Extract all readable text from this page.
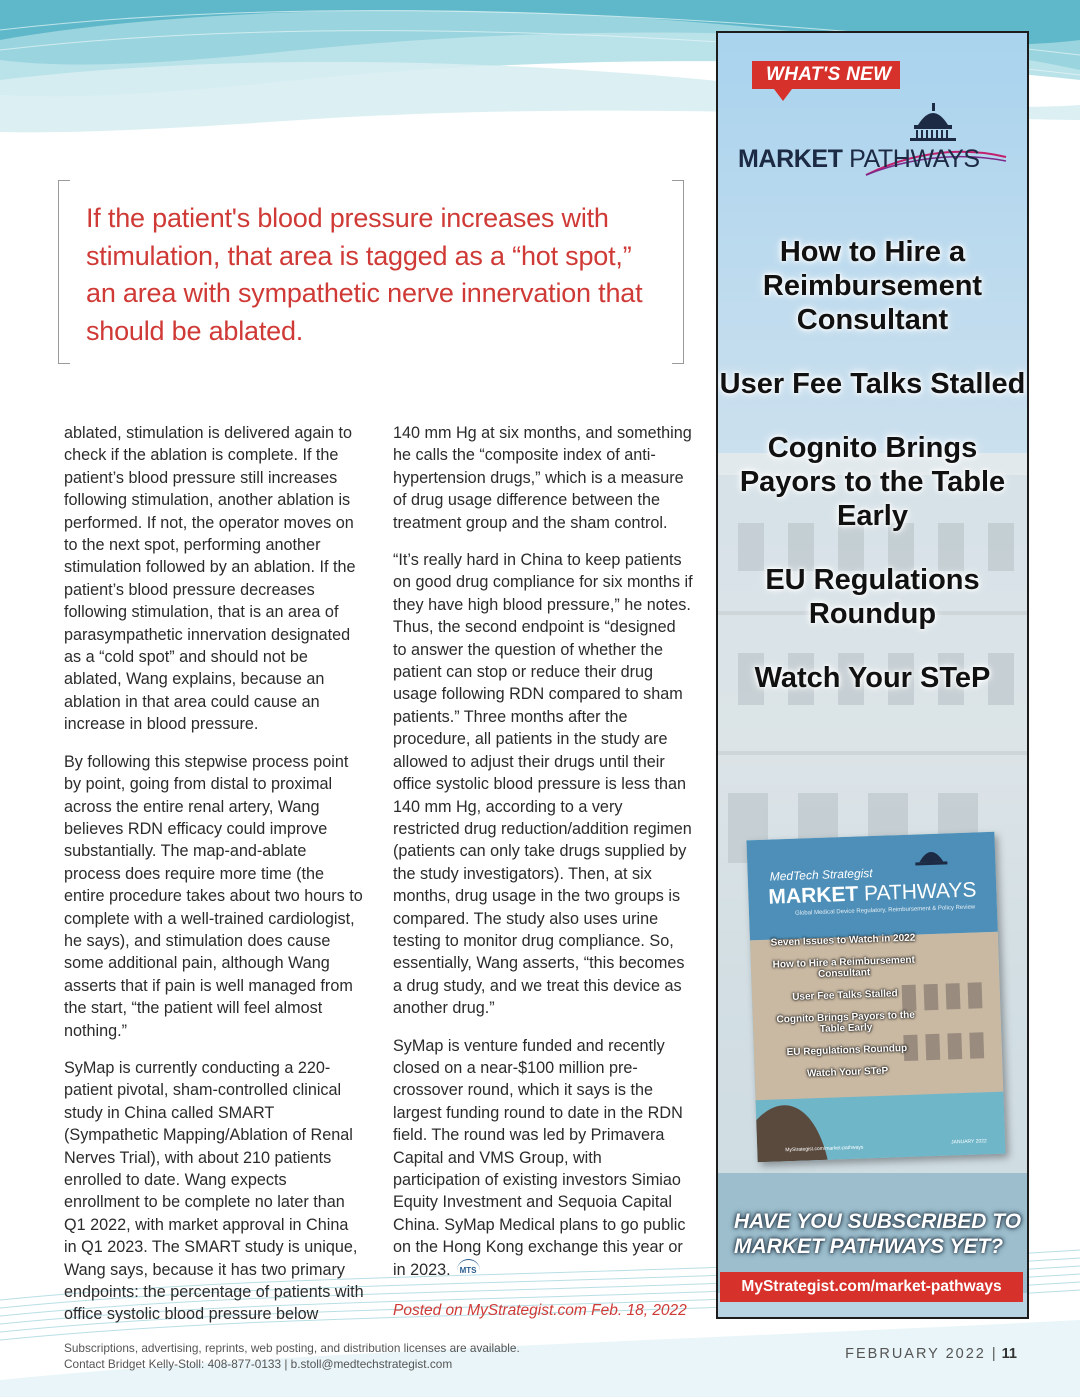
If the patient's blood pressure increases with stimulation, that area is tagged as a “hot spot,” an area with sympathetic nerve innervation that should be ablated.

ablated, stimulation is delivered again to check if the ablation is complete. If the patient’s blood pressure still increases following stimulation, another ablation is performed. If not, the operator moves on to the next spot, performing another stimulation followed by an ablation. If the patient’s blood pressure decreases following stimulation, that is an area of parasympathetic innervation designated as a “cold spot” and should not be ablated, Wang explains, because an ablation in that area could cause an increase in blood pressure.

By following this stepwise process point by point, going from distal to proximal across the entire renal artery, Wang believes RDN efficacy could improve substantially. The map-and-ablate process does require more time (the entire procedure takes about two hours to complete with a well-trained cardiologist, he says), and stimulation does cause some additional pain, although Wang asserts that if pain is well managed from the start, “the patient will feel almost nothing.”

SyMap is currently conducting a 220-patient pivotal, sham-controlled clinical study in China called SMART (Sympathetic Mapping/Ablation of Renal Nerves Trial), with about 210 patients enrolled to date. Wang expects enrollment to be complete no later than Q1 2022, with market approval in China in Q1 2023. The SMART study is unique, Wang says, because it has two primary endpoints: the percentage of patients with office systolic blood pressure below

140 mm Hg at six months, and something he calls the “composite index of anti-hypertension drugs,” which is a measure of drug usage difference between the treatment group and the sham control.

“It’s really hard in China to keep patients on good drug compliance for six months if they have high blood pressure,” he notes. Thus, the second endpoint is “designed to answer the question of whether the patient can stop or reduce their drug usage following RDN compared to sham patients.” Three months after the procedure, all patients in the study are allowed to adjust their drugs until their office systolic blood pressure is less than 140 mm Hg, according to a very restricted drug reduction/addition regimen (patients can only take drugs supplied by the study investigators). Then, at six months, drug usage in the two groups is compared. The study also uses urine testing to monitor drug compliance. So, essentially, Wang asserts, “this becomes a drug study, and we treat this device as another drug.”

SyMap is venture funded and recently closed on a near-$100 million pre-crossover round, which it says is the largest funding round to date in the RDN field. The round was led by Primavera Capital and VMS Group, with participation of existing investors Simiao Equity Investment and Sequoia Capital China. SyMap Medical plans to go public on the Hong Kong exchange this year or in 2023. MTS

Posted on MyStrategist.com Feb. 18, 2022
WHAT'S NEW
MARKET PATHWAYS
How to Hire a Reimbursement Consultant
User Fee Talks Stalled
Cognito Brings Payors to the Table Early
EU Regulations Roundup
Watch Your STeP
MedTech Strategist
MARKET PATHWAYS
Global Medical Device Regulatory, Reimbursement & Policy Review
Seven Issues to Watch in 2022
How to Hire a Reimbursement Consultant
User Fee Talks Stalled
Cognito Brings Payors to the Table Early
EU Regulations Roundup
Watch Your STeP
MyStrategist.com/market-pathways
JANUARY 2022
HAVE YOU SUBSCRIBED TO MARKET PATHWAYS YET?
MyStrategist.com/market-pathways
Subscriptions, advertising, reprints, web posting, and distribution licenses are available.
Contact Bridget Kelly-Stoll: 408-877-0133 | b.stoll@medtechstrategist.com
FEBRUARY 2022 | 11
